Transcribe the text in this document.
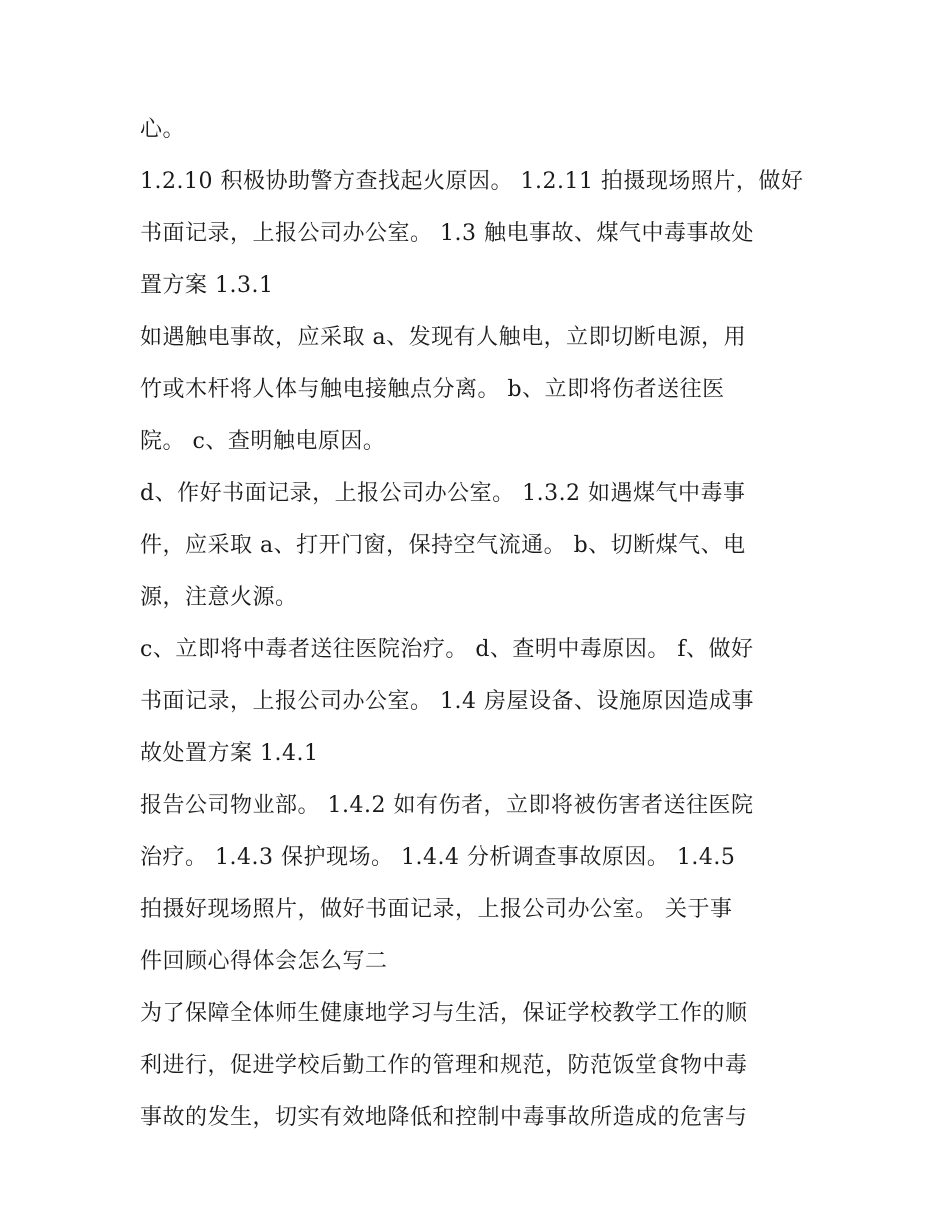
心。

1.2.10 积极协助警方查找起火原因。 1.2.11 拍摄现场照片，做好
书面记录，上报公司办公室。 1.3 触电事故、煤气中毒事故处
置方案 1.3.1

如遇触电事故，应采取 a、发现有人触电，立即切断电源，用
竹或木杆将人体与触电接触点分离。 b、立即将伤者送往医
院。 c、查明触电原因。

d、作好书面记录，上报公司办公室。 1.3.2 如遇煤气中毒事
件，应采取 a、打开门窗，保持空气流通。 b、切断煤气、电
源，注意火源。

c、立即将中毒者送往医院治疗。 d、查明中毒原因。 f、做好
书面记录，上报公司办公室。 1.4 房屋设备、设施原因造成事
故处置方案 1.4.1

报告公司物业部。 1.4.2 如有伤者，立即将被伤害者送往医院
治疗。 1.4.3 保护现场。 1.4.4 分析调查事故原因。 1.4.5

拍摄好现场照片，做好书面记录，上报公司办公室。 关于事
件回顾心得体会怎么写二

为了保障全体师生健康地学习与生活，保证学校教学工作的顺
利进行，促进学校后勤工作的管理和规范，防范饭堂食物中毒
事故的发生，切实有效地降低和控制中毒事故所造成的危害与
